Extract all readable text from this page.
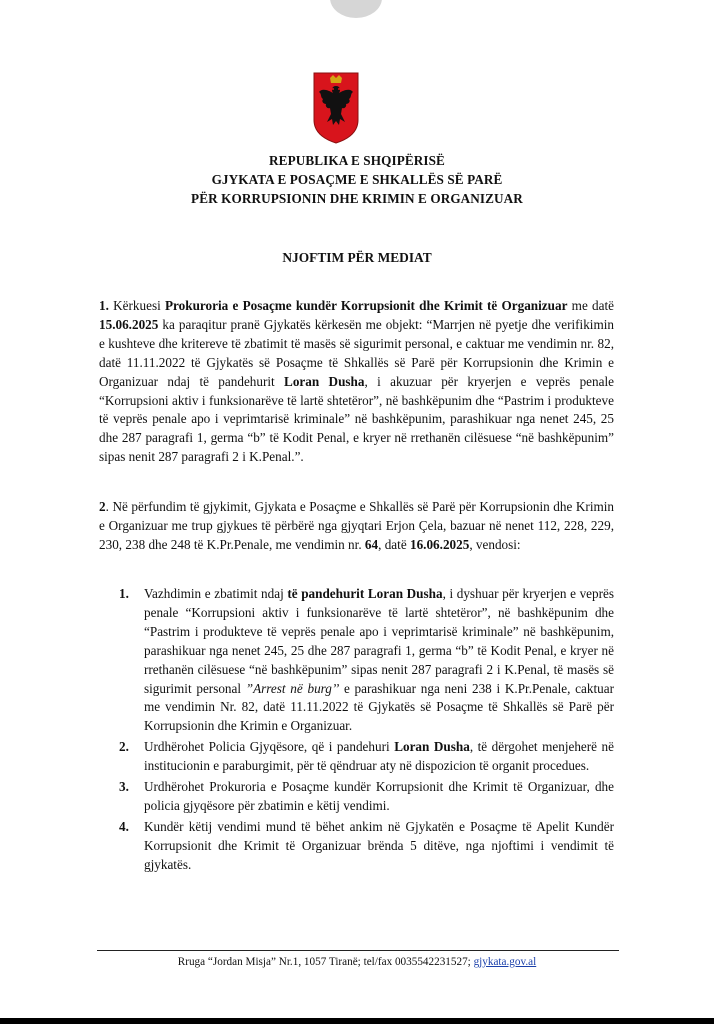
REPUBLIKA E SHQIPËRISË
GJYKATA E POSAÇME E SHKALLËS SË PARË
PËR KORRUPSIONIN DHE KRIMIN E ORGANIZUAR
NJOFTIM PËR MEDIAT

1. Kërkuesi Prokuroria e Posaçme kundër Korrupsionit dhe Krimit të Organizuar me datë 15.06.2025 ka paraqitur pranë Gjykatës kërkesën me objekt: “Marrjen në pyetje dhe verifikimin e kushteve dhe kritereve të zbatimit të masës së sigurimit personal, e caktuar me vendimin nr. 82, datë 11.11.2022 të Gjykatës së Posaçme të Shkallës së Parë për Korrupsionin dhe Krimin e Organizuar ndaj të pandehurit Loran Dusha, i akuzuar për kryerjen e veprës penale “Korrupsioni aktiv i funksionarëve të lartë shtetëror”, në bashkëpunim dhe “Pastrim i produkteve të veprës penale apo i veprimtarisë kriminale” në bashkëpunim, parashikuar nga nenet 245, 25 dhe 287 paragrafi 1, germa “b” të Kodit Penal, e kryer në rrethanën cilësuese “në bashkëpunim” sipas nenit 287 paragrafi 2 i K.Penal.”.

2. Në përfundim të gjykimit, Gjykata e Posaçme e Shkallës së Parë për Korrupsionin dhe Krimin e Organizuar me trup gjykues të përbërë nga gjyqtari Erjon Çela, bazuar në nenet 112, 228, 229, 230, 238 dhe 248 të K.Pr.Penale, me vendimin nr. 64, datë 16.06.2025, vendosi:

1. Vazhdimin e zbatimit ndaj të pandehurit Loran Dusha, i dyshuar për kryerjen e veprës penale “Korrupsioni aktiv i funksionarëve të lartë shtetëror”, në bashkëpunim dhe “Pastrim i produkteve të veprës penale apo i veprimtarisë kriminale” në bashkëpunim, parashikuar nga nenet 245, 25 dhe 287 paragrafi 1, germa “b” të Kodit Penal, e kryer në rrethanën cilësuese “në bashkëpunim” sipas nenit 287 paragrafi 2 i K.Penal, të masës së sigurimit personal ”Arrest në burg’’ e parashikuar nga neni 238 i K.Pr.Penale, caktuar me vendimin Nr. 82, datë 11.11.2022 të Gjykatës së Posaçme të Shkallës së Parë për Korrupsionin dhe Krimin e Organizuar.
2. Urdhërohet Policia Gjyqësore, që i pandehuri Loran Dusha, të dërgohet menjeherë në institucionin e paraburgimit, për të qëndruar aty në dispozicion të organit procedues.
3. Urdhërohet Prokuroria e Posaçme kundër Korrupsionit dhe Krimit të Organizuar, dhe policia gjyqësore për zbatimin e këtij vendimi.
4. Kundër këtij vendimi mund të bëhet ankim në Gjykatën e Posaçme të Apelit Kundër Korrupsionit dhe Krimit të Organizuar brënda 5 ditëve, nga njoftimi i vendimit të gjykatës.
Rruga “Jordan Misja” Nr.1, 1057 Tiranë; tel/fax 0035542231527; gjykata.gov.al
